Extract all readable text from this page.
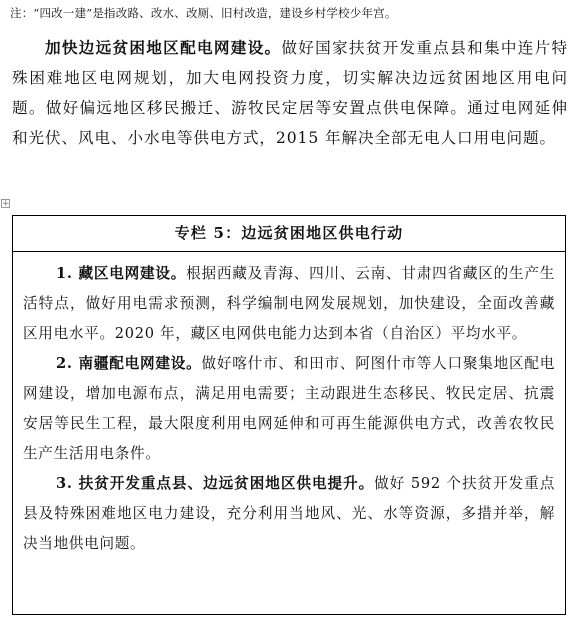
注：“四改一建”是指改路、改水、改厕、旧村改造，建设乡村学校少年宫。

加快边远贫困地区配电网建设。做好国家扶贫开发重点县和集中连片特殊困难地区电网规划，加大电网投资力度，切实解决边远贫困地区用电问题。做好偏远地区移民搬迁、游牧民定居等安置点供电保障。通过电网延伸和光伏、风电、小水电等供电方式，2015 年解决全部无电人口用电问题。

+
专栏 5：边远贫困地区供电行动

1. 藏区电网建设。根据西藏及青海、四川、云南、甘肃四省藏区的生产生活特点，做好用电需求预测，科学编制电网发展规划，加快建设，全面改善藏区用电水平。2020 年，藏区电网供电能力达到本省（自治区）平均水平。

2. 南疆配电网建设。做好喀什市、和田市、阿图什市等人口聚集地区配电网建设，增加电源布点，满足用电需要；主动跟进生态移民、牧民定居、抗震安居等民生工程，最大限度利用电网延伸和可再生能源供电方式，改善农牧民生产生活用电条件。

3. 扶贫开发重点县、边远贫困地区供电提升。做好 592 个扶贫开发重点县及特殊困难地区电力建设，充分利用当地风、光、水等资源，多措并举，解决当地供电问题。
